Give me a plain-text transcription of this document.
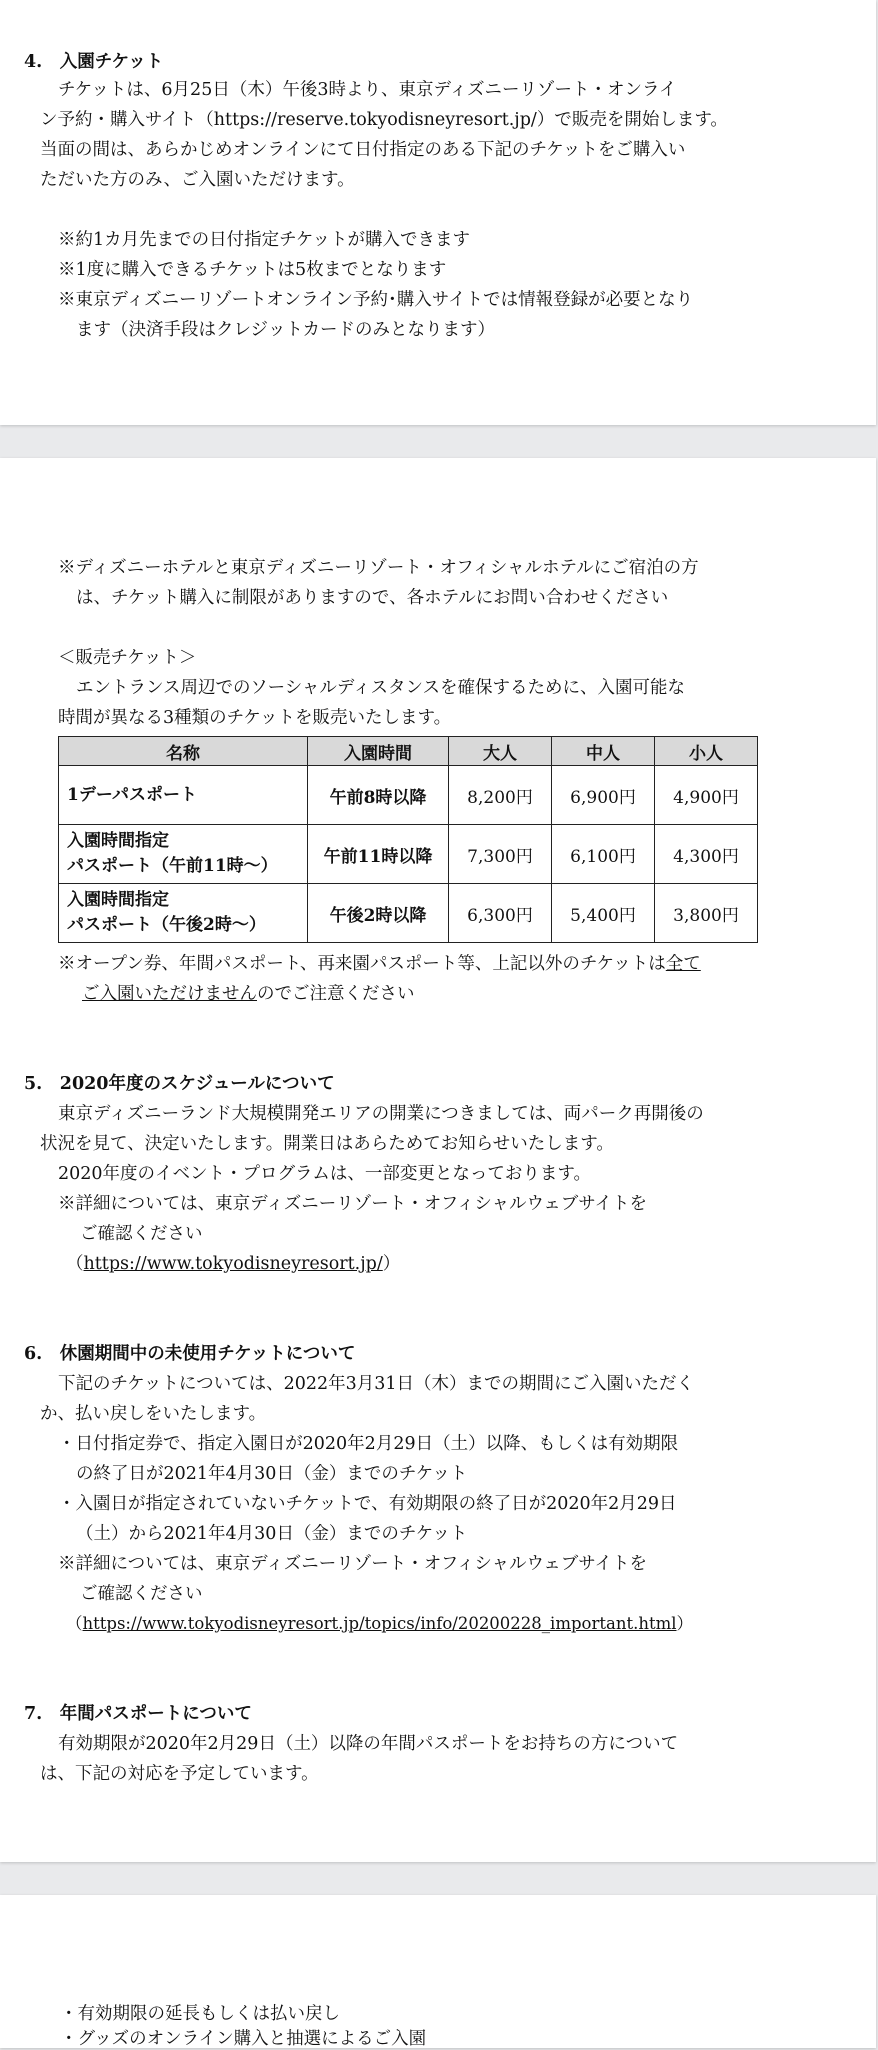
4.　入園チケット
チケットは、6月25日（木）午後3時より、東京ディズニーリゾート・オンライ
ン予約・購入サイト（https://reserve.tokyodisneyresort.jp/）で販売を開始します。
当面の間は、あらかじめオンラインにて日付指定のある下記のチケットをご購入い
ただいた方のみ、ご入園いただけます。
※約1カ月先までの日付指定チケットが購入できます
※1度に購入できるチケットは5枚までとなります
※東京ディズニーリゾートオンライン予約･購入サイトでは情報登録が必要となり
ます（決済手段はクレジットカードのみとなります）
※ディズニーホテルと東京ディズニーリゾート・オフィシャルホテルにご宿泊の方
は、チケット購入に制限がありますので、各ホテルにお問い合わせください
＜販売チケット＞
エントランス周辺でのソーシャルディスタンスを確保するために、入園可能な
時間が異なる3種類のチケットを販売いたします。
名称	入園時間	大人	中人	小人
1デーパスポート	午前8時以降	8,200円	6,900円	4,900円
入園時間指定
パスポート（午前11時〜）	午前11時以降	7,300円	6,100円	4,300円
入園時間指定
パスポート（午後2時〜）	午後2時以降	6,300円	5,400円	3,800円
※オープン券、年間パスポート、再来園パスポート等、上記以外のチケットは全て
ご入園いただけませんのでご注意ください
5.　2020年度のスケジュールについて
東京ディズニーランド大規模開発エリアの開業につきましては、両パーク再開後の
状況を見て、決定いたします。開業日はあらためてお知らせいたします。
2020年度のイベント・プログラムは、一部変更となっております。
※詳細については、東京ディズニーリゾート・オフィシャルウェブサイトを
ご確認ください
（https://www.tokyodisneyresort.jp/）
6.　休園期間中の未使用チケットについて
下記のチケットについては、2022年3月31日（木）までの期間にご入園いただく
か、払い戻しをいたします。
・日付指定券で、指定入園日が2020年2月29日（土）以降、もしくは有効期限
の終了日が2021年4月30日（金）までのチケット
・入園日が指定されていないチケットで、有効期限の終了日が2020年2月29日
（土）から2021年4月30日（金）までのチケット
※詳細については、東京ディズニーリゾート・オフィシャルウェブサイトを
ご確認ください
（https://www.tokyodisneyresort.jp/topics/info/20200228_important.html）
7.　年間パスポートについて
有効期限が2020年2月29日（土）以降の年間パスポートをお持ちの方について
は、下記の対応を予定しています。
・有効期限の延長もしくは払い戻し
・グッズのオンライン購入と抽選によるご入園
